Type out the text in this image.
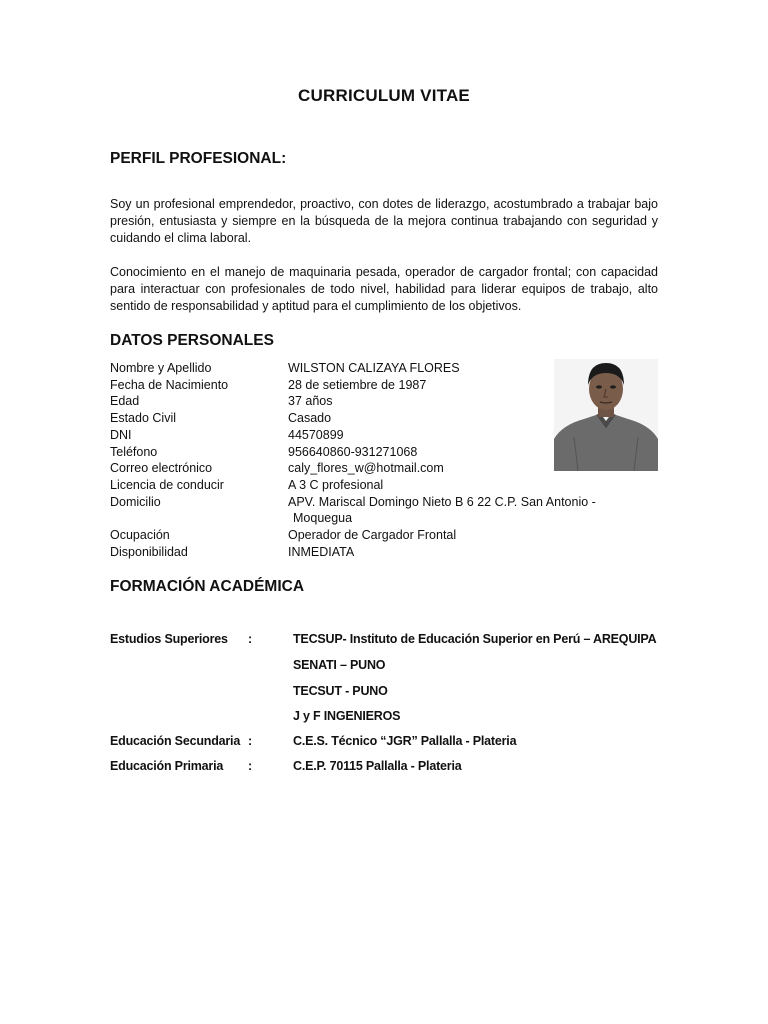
CURRICULUM VITAE
PERFIL PROFESIONAL:
Soy un profesional emprendedor, proactivo, con dotes de liderazgo, acostumbrado a trabajar bajo presión, entusiasta y siempre en la búsqueda de la mejora continua trabajando con seguridad y cuidando el clima laboral.
Conocimiento en el manejo de maquinaria pesada, operador de cargador frontal; con capacidad para interactuar con profesionales de todo nivel, habilidad para liderar equipos de trabajo, alto sentido de responsabilidad y aptitud para el cumplimiento de los objetivos.
DATOS PERSONALES
Nombre y Apellido	WILSTON CALIZAYA FLORES
Fecha de Nacimiento	28 de setiembre de 1987
Edad	37 años
Estado Civil	Casado
DNI	44570899
Teléfono	956640860-931271068
Correo electrónico	caly_flores_w@hotmail.com
Licencia de conducir	A 3 C profesional
Domicilio	APV. Mariscal Domingo Nieto B 6 22 C.P. San Antonio -
Moquegua
Ocupación	Operador de Cargador Frontal
Disponibilidad	INMEDIATA
FORMACIÓN ACADÉMICA
Estudios Superiores	:	TECSUP- Instituto de Educación Superior en Perú – AREQUIPA
SENATI – PUNO
TECSUT - PUNO
J y F INGENIEROS
Educación Secundaria :	C.E.S. Técnico “JGR” Pallalla - Plateria
Educación Primaria	:	C.E.P. 70115 Pallalla - Plateria
